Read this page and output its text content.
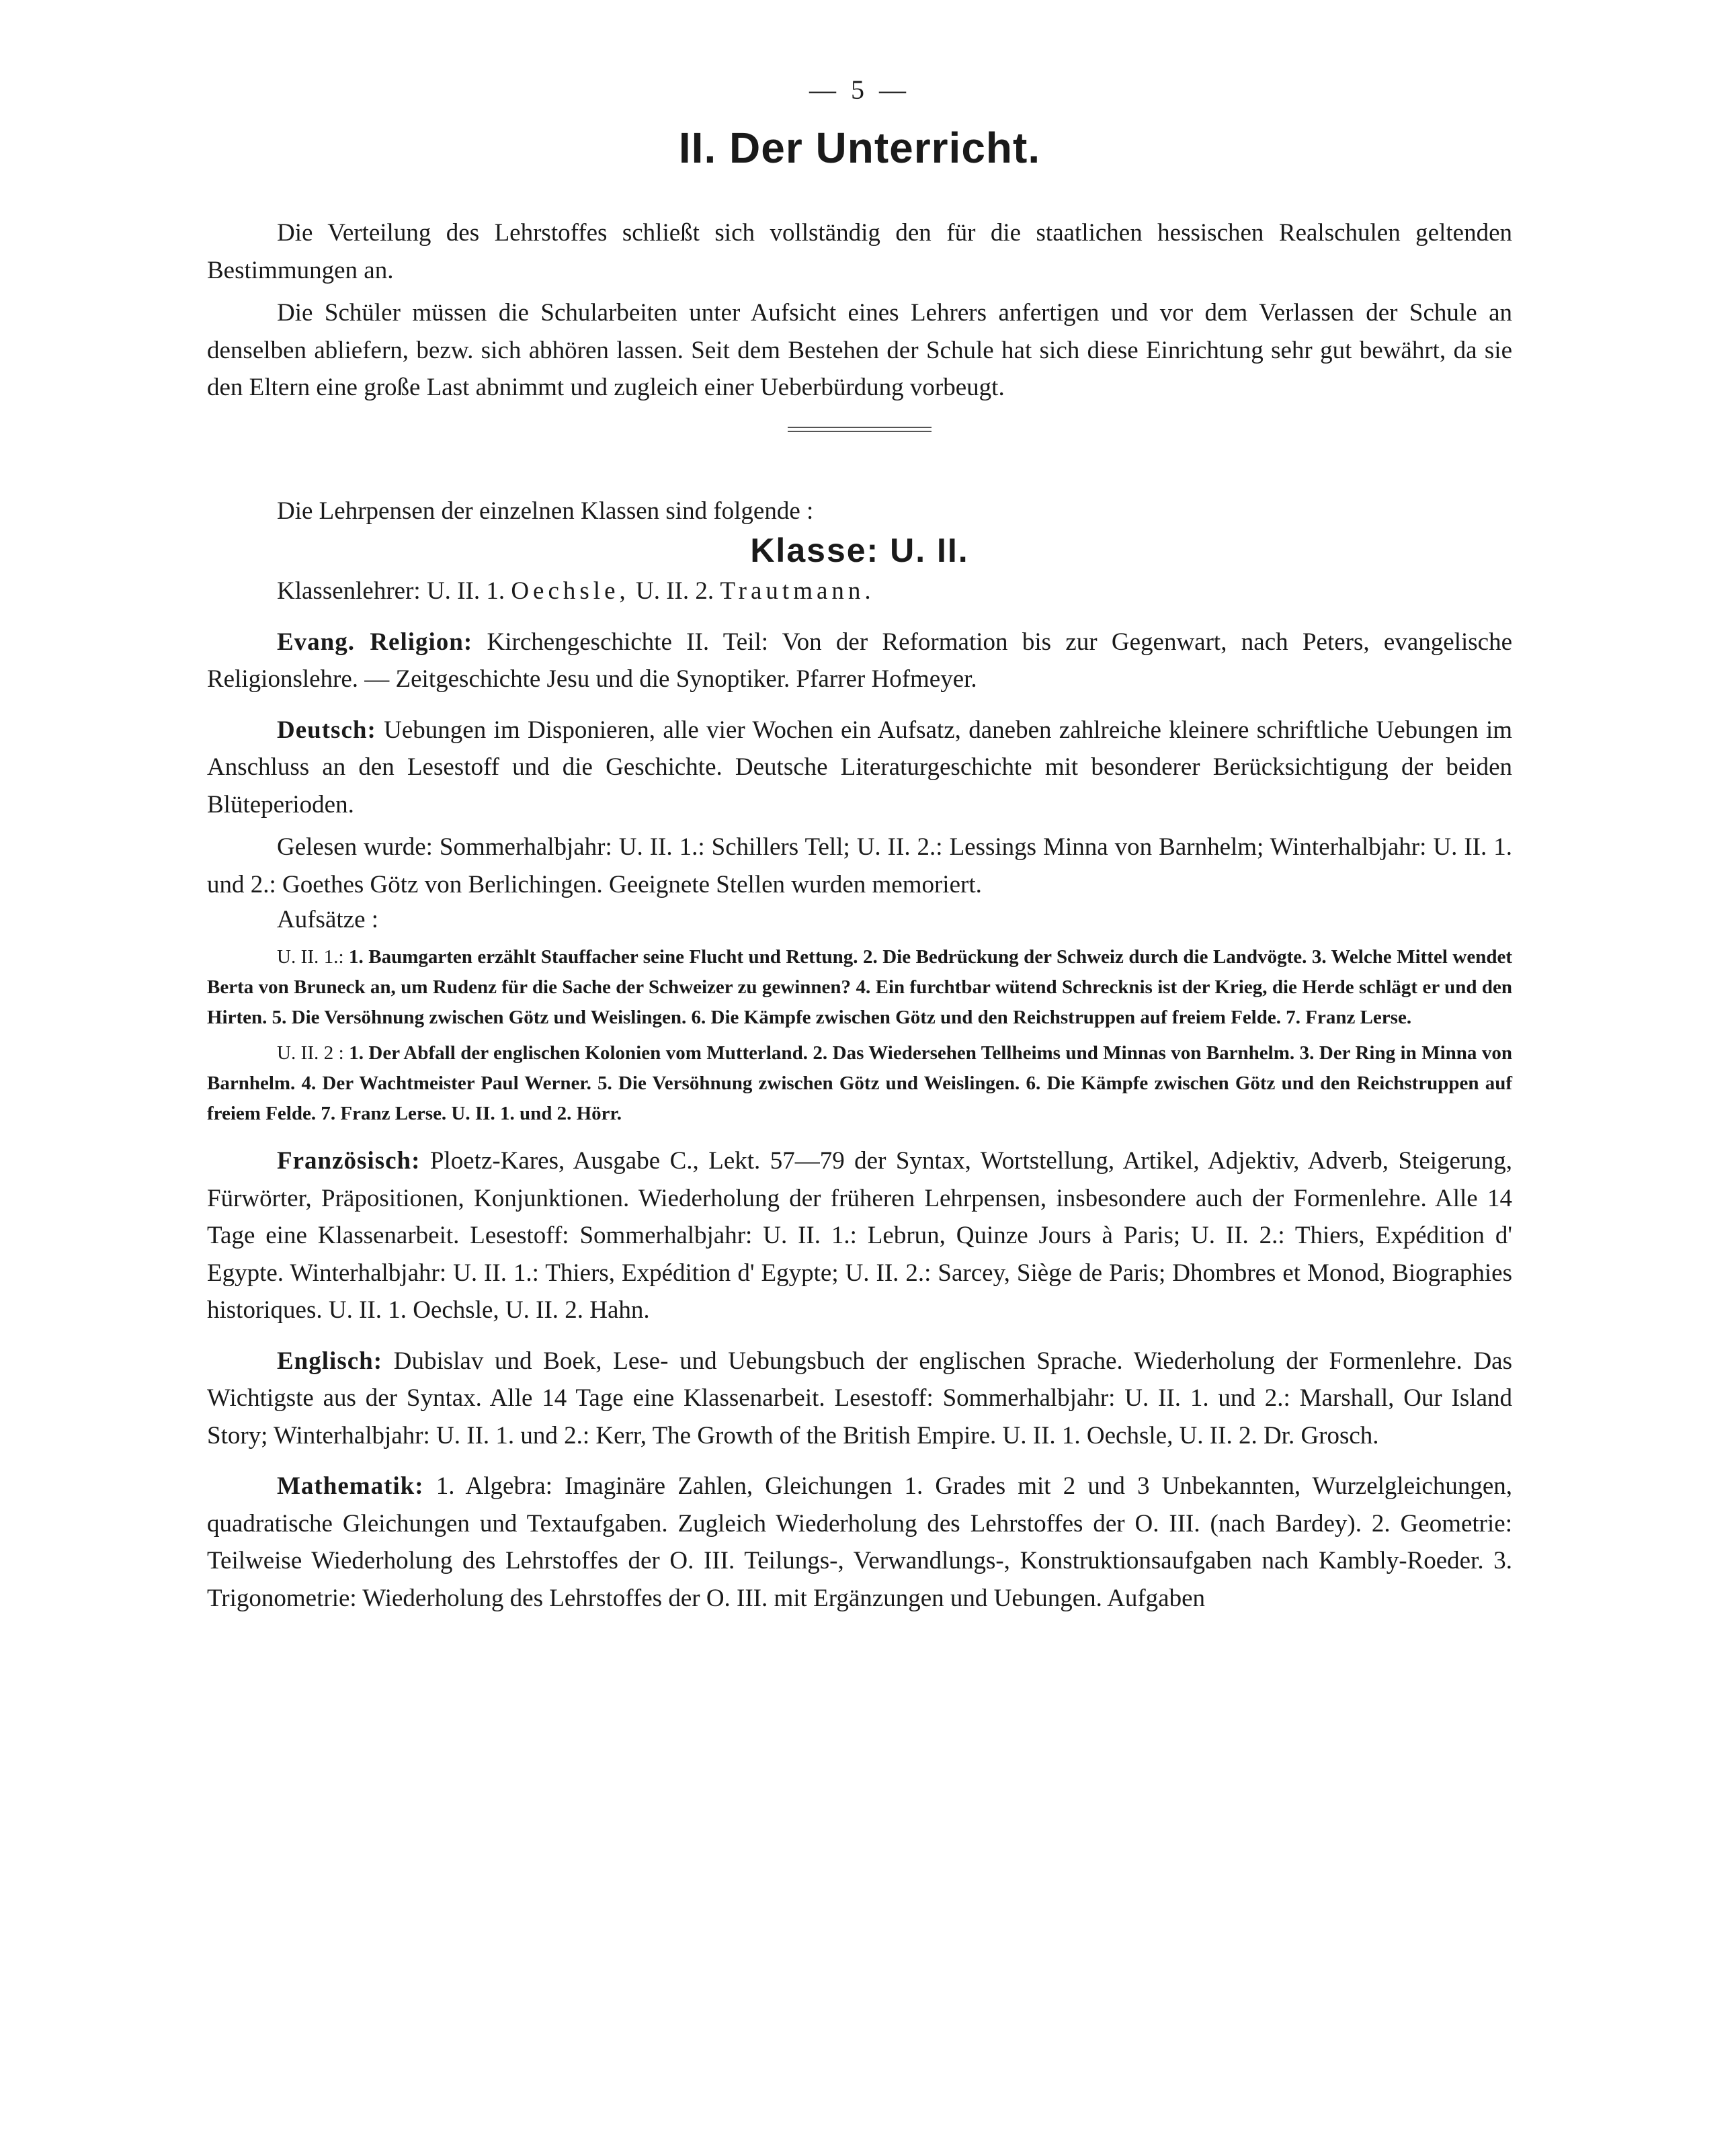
— 5 —
II. Der Unterricht.

Die Verteilung des Lehrstoffes schließt sich vollständig den für die staatlichen hessischen Realschulen geltenden Bestimmungen an.

Die Schüler müssen die Schularbeiten unter Aufsicht eines Lehrers anfertigen und vor dem Verlassen der Schule an denselben abliefern, bezw. sich abhören lassen. Seit dem Bestehen der Schule hat sich diese Einrichtung sehr gut bewährt, da sie den Eltern eine große Last abnimmt und zugleich einer Ueberbürdung vorbeugt.

Die Lehrpensen der einzelnen Klassen sind folgende :

Klasse: U. II.

Klassenlehrer: U. II. 1. Oechsle, U. II. 2. Trautmann.

Evang. Religion: Kirchengeschichte II. Teil: Von der Reformation bis zur Gegenwart, nach Peters, evangelische Religionslehre. — Zeitgeschichte Jesu und die Synoptiker. Pfarrer Hofmeyer.

Deutsch: Uebungen im Disponieren, alle vier Wochen ein Aufsatz, daneben zahlreiche kleinere schriftliche Uebungen im Anschluss an den Lesestoff und die Geschichte. Deutsche Literaturgeschichte mit besonderer Berücksichtigung der beiden Blüteperioden.

Gelesen wurde: Sommerhalbjahr: U. II. 1.: Schillers Tell; U. II. 2.: Lessings Minna von Barnhelm; Winterhalbjahr: U. II. 1. und 2.: Goethes Götz von Berlichingen. Geeignete Stellen wurden memoriert.

Aufsätze :

U. II. 1.: 1. Baumgarten erzählt Stauffacher seine Flucht und Rettung. 2. Die Bedrückung der Schweiz durch die Landvögte. 3. Welche Mittel wendet Berta von Bruneck an, um Rudenz für die Sache der Schweizer zu gewinnen? 4. Ein furchtbar wütend Schrecknis ist der Krieg, die Herde schlägt er und den Hirten. 5. Die Versöhnung zwischen Götz und Weislingen. 6. Die Kämpfe zwischen Götz und den Reichstruppen auf freiem Felde. 7. Franz Lerse.

U. II. 2 : 1. Der Abfall der englischen Kolonien vom Mutterland. 2. Das Wiedersehen Tellheims und Minnas von Barnhelm. 3. Der Ring in Minna von Barnhelm. 4. Der Wachtmeister Paul Werner. 5. Die Versöhnung zwischen Götz und Weislingen. 6. Die Kämpfe zwischen Götz und den Reichstruppen auf freiem Felde. 7. Franz Lerse. U. II. 1. und 2. Hörr.

Französisch: Ploetz-Kares, Ausgabe C., Lekt. 57—79 der Syntax, Wortstellung, Artikel, Adjektiv, Adverb, Steigerung, Fürwörter, Präpositionen, Konjunktionen. Wiederholung der früheren Lehrpensen, insbesondere auch der Formenlehre. Alle 14 Tage eine Klassenarbeit. Lesestoff: Sommerhalbjahr: U. II. 1.: Lebrun, Quinze Jours à Paris; U. II. 2.: Thiers, Expédition d' Egypte. Winterhalbjahr: U. II. 1.: Thiers, Expédition d' Egypte; U. II. 2.: Sarcey, Siège de Paris; Dhombres et Monod, Biographies historiques. U. II. 1. Oechsle, U. II. 2. Hahn.

Englisch: Dubislav und Boek, Lese- und Uebungsbuch der englischen Sprache. Wiederholung der Formenlehre. Das Wichtigste aus der Syntax. Alle 14 Tage eine Klassenarbeit. Lesestoff: Sommerhalbjahr: U. II. 1. und 2.: Marshall, Our Island Story; Winterhalbjahr: U. II. 1. und 2.: Kerr, The Growth of the British Empire. U. II. 1. Oechsle, U. II. 2. Dr. Grosch.

Mathematik: 1. Algebra: Imaginäre Zahlen, Gleichungen 1. Grades mit 2 und 3 Unbekannten, Wurzelgleichungen, quadratische Gleichungen und Textaufgaben. Zugleich Wiederholung des Lehrstoffes der O. III. (nach Bardey). 2. Geometrie: Teilweise Wiederholung des Lehrstoffes der O. III. Teilungs-, Verwandlungs-, Konstruktionsaufgaben nach Kambly-Roeder. 3. Trigonometrie: Wiederholung des Lehrstoffes der O. III. mit Ergänzungen und Uebungen. Aufgaben
